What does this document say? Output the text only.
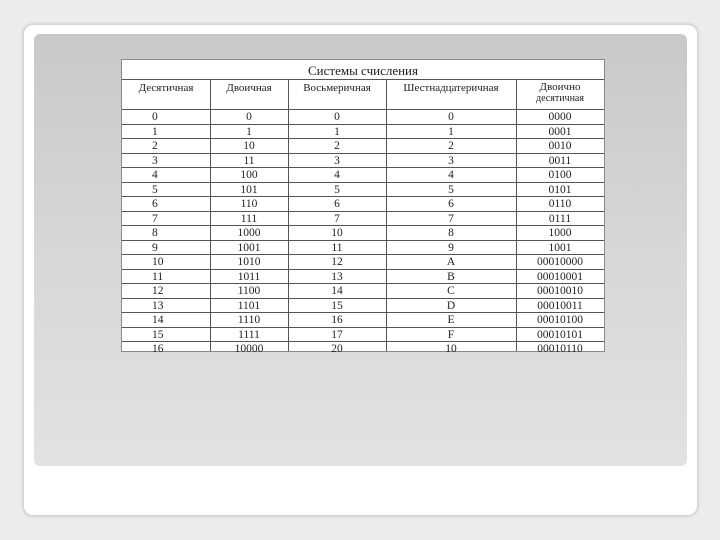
Системы счисления
Десятичная	Двоичная	Восьмеричная	Шестнадцатеричная	Двоично
десятичная
0	0	0	0	0000
1	1	1	1	0001
2	10	2	2	0010
3	11	3	3	0011
4	100	4	4	0100
5	101	5	5	0101
6	110	6	6	0110
7	111	7	7	0111
8	1000	10	8	1000
9	1001	11	9	1001
10	1010	12	A	00010000
11	1011	13	B	00010001
12	1100	14	C	00010010
13	1101	15	D	00010011
14	1110	16	E	00010100
15	1111	17	F	00010101
16	10000	20	10	00010110
